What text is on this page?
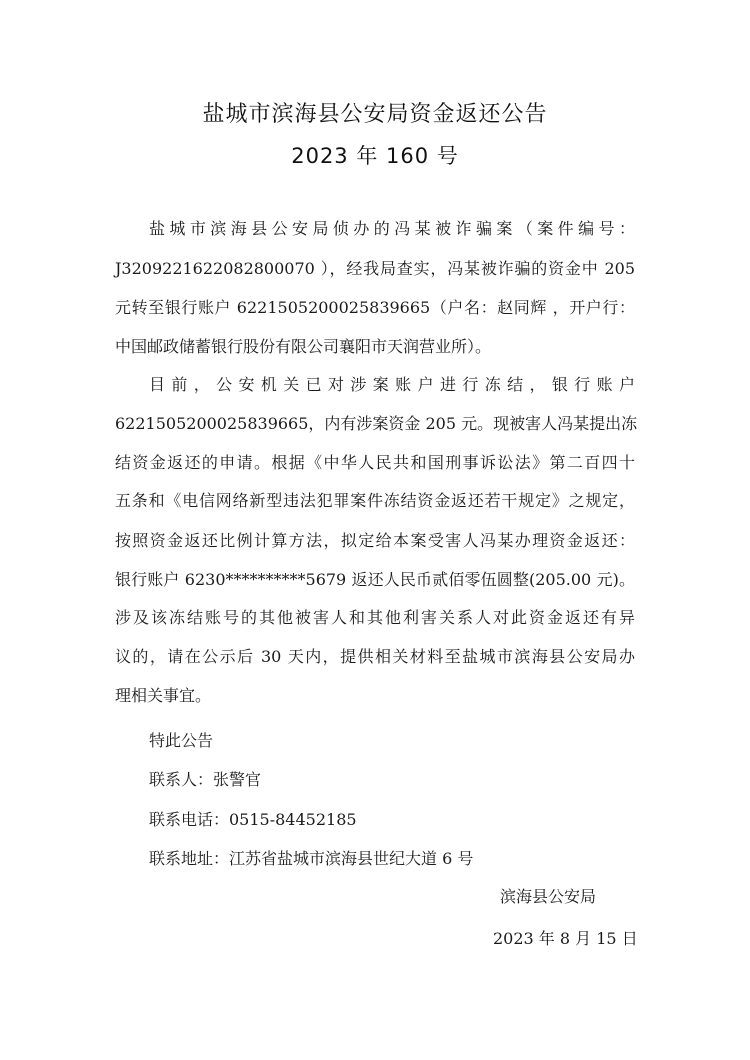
盐城市滨海县公安局资金返还公告
2023 年 160 号
盐城市滨海县公安局侦办的冯某被诈骗案（案件编号：
J3209221622082800070 ），经我局查实，冯某被诈骗的资金中 205
元转至银行账户 6221505200025839665（户名：赵同辉 ，开户行：
中国邮政储蓄银行股份有限公司襄阳市天润营业所）。
目前，公安机关已对涉案账户进行冻结，银行账户
6221505200025839665，内有涉案资金 205 元。现被害人冯某提出冻
结资金返还的申请。根据《中华人民共和国刑事诉讼法》第二百四十
五条和《电信网络新型违法犯罪案件冻结资金返还若干规定》之规定，
按照资金返还比例计算方法，拟定给本案受害人冯某办理资金返还：
银行账户 6230**********5679 返还人民币贰佰零伍圆整(205.00 元)。
涉及该冻结账号的其他被害人和其他利害关系人对此资金返还有异
议的，请在公示后 30 天内，提供相关材料至盐城市滨海县公安局办
理相关事宜。
特此公告
联系人：张警官
联系电话：0515-84452185
联系地址：江苏省盐城市滨海县世纪大道 6 号
滨海县公安局
2023 年 8 月 15 日
